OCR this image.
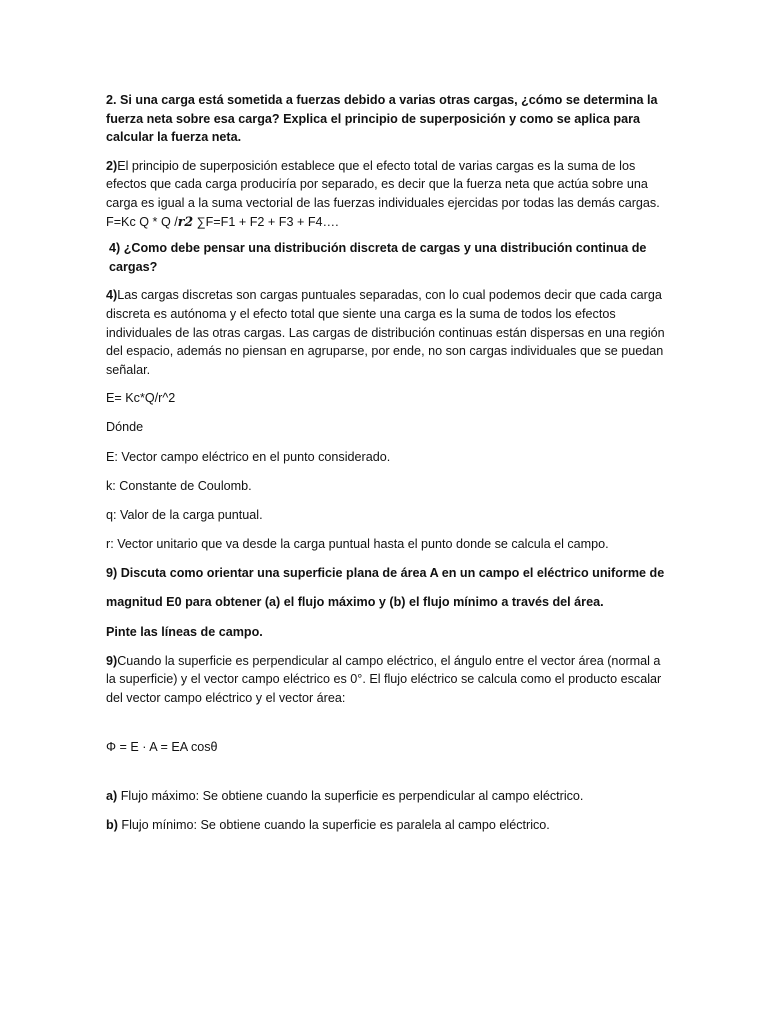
2. Si una carga está sometida a fuerzas debido a varias otras cargas, ¿cómo se determina la fuerza neta sobre esa carga? Explica el principio de superposición y como se aplica para calcular la fuerza neta.

2)El principio de superposición establece que el efecto total de varias cargas es la suma de los efectos que cada carga produciría por separado, es decir que la fuerza neta que actúa sobre una carga es igual a la suma vectorial de las fuerzas individuales ejercidas por todas las demás cargas.
F=Kc Q * Q /r2 ∑F=F1 + F2 + F3 + F4….

4) ¿Como debe pensar una distribución discreta de cargas y una distribución continua de cargas?

4)Las cargas discretas son cargas puntuales separadas, con lo cual podemos decir que cada carga discreta es autónoma y el efecto total que siente una carga es la suma de todos los efectos individuales de las otras cargas. Las cargas de distribución continuas están dispersas en una región del espacio, además no piensan en agruparse, por ende, no son cargas individuales que se puedan señalar.

E= Kc*Q/r^2

Dónde

E: Vector campo eléctrico en el punto considerado.

k: Constante de Coulomb.

q: Valor de la carga puntual.

r: Vector unitario que va desde la carga puntual hasta el punto donde se calcula el campo.

9) Discuta como orientar una superficie plana de área A en un campo el eléctrico uniforme de

magnitud E0 para obtener (a) el flujo máximo y (b) el flujo mínimo a través del área.

Pinte las líneas de campo.

9)Cuando la superficie es perpendicular al campo eléctrico, el ángulo entre el vector área (normal a la superficie) y el vector campo eléctrico es 0°. El flujo eléctrico se calcula como el producto escalar del vector campo eléctrico y el vector área:

Φ = E · A = EA cosθ

a) Flujo máximo: Se obtiene cuando la superficie es perpendicular al campo eléctrico.

b) Flujo mínimo: Se obtiene cuando la superficie es paralela al campo eléctrico.
